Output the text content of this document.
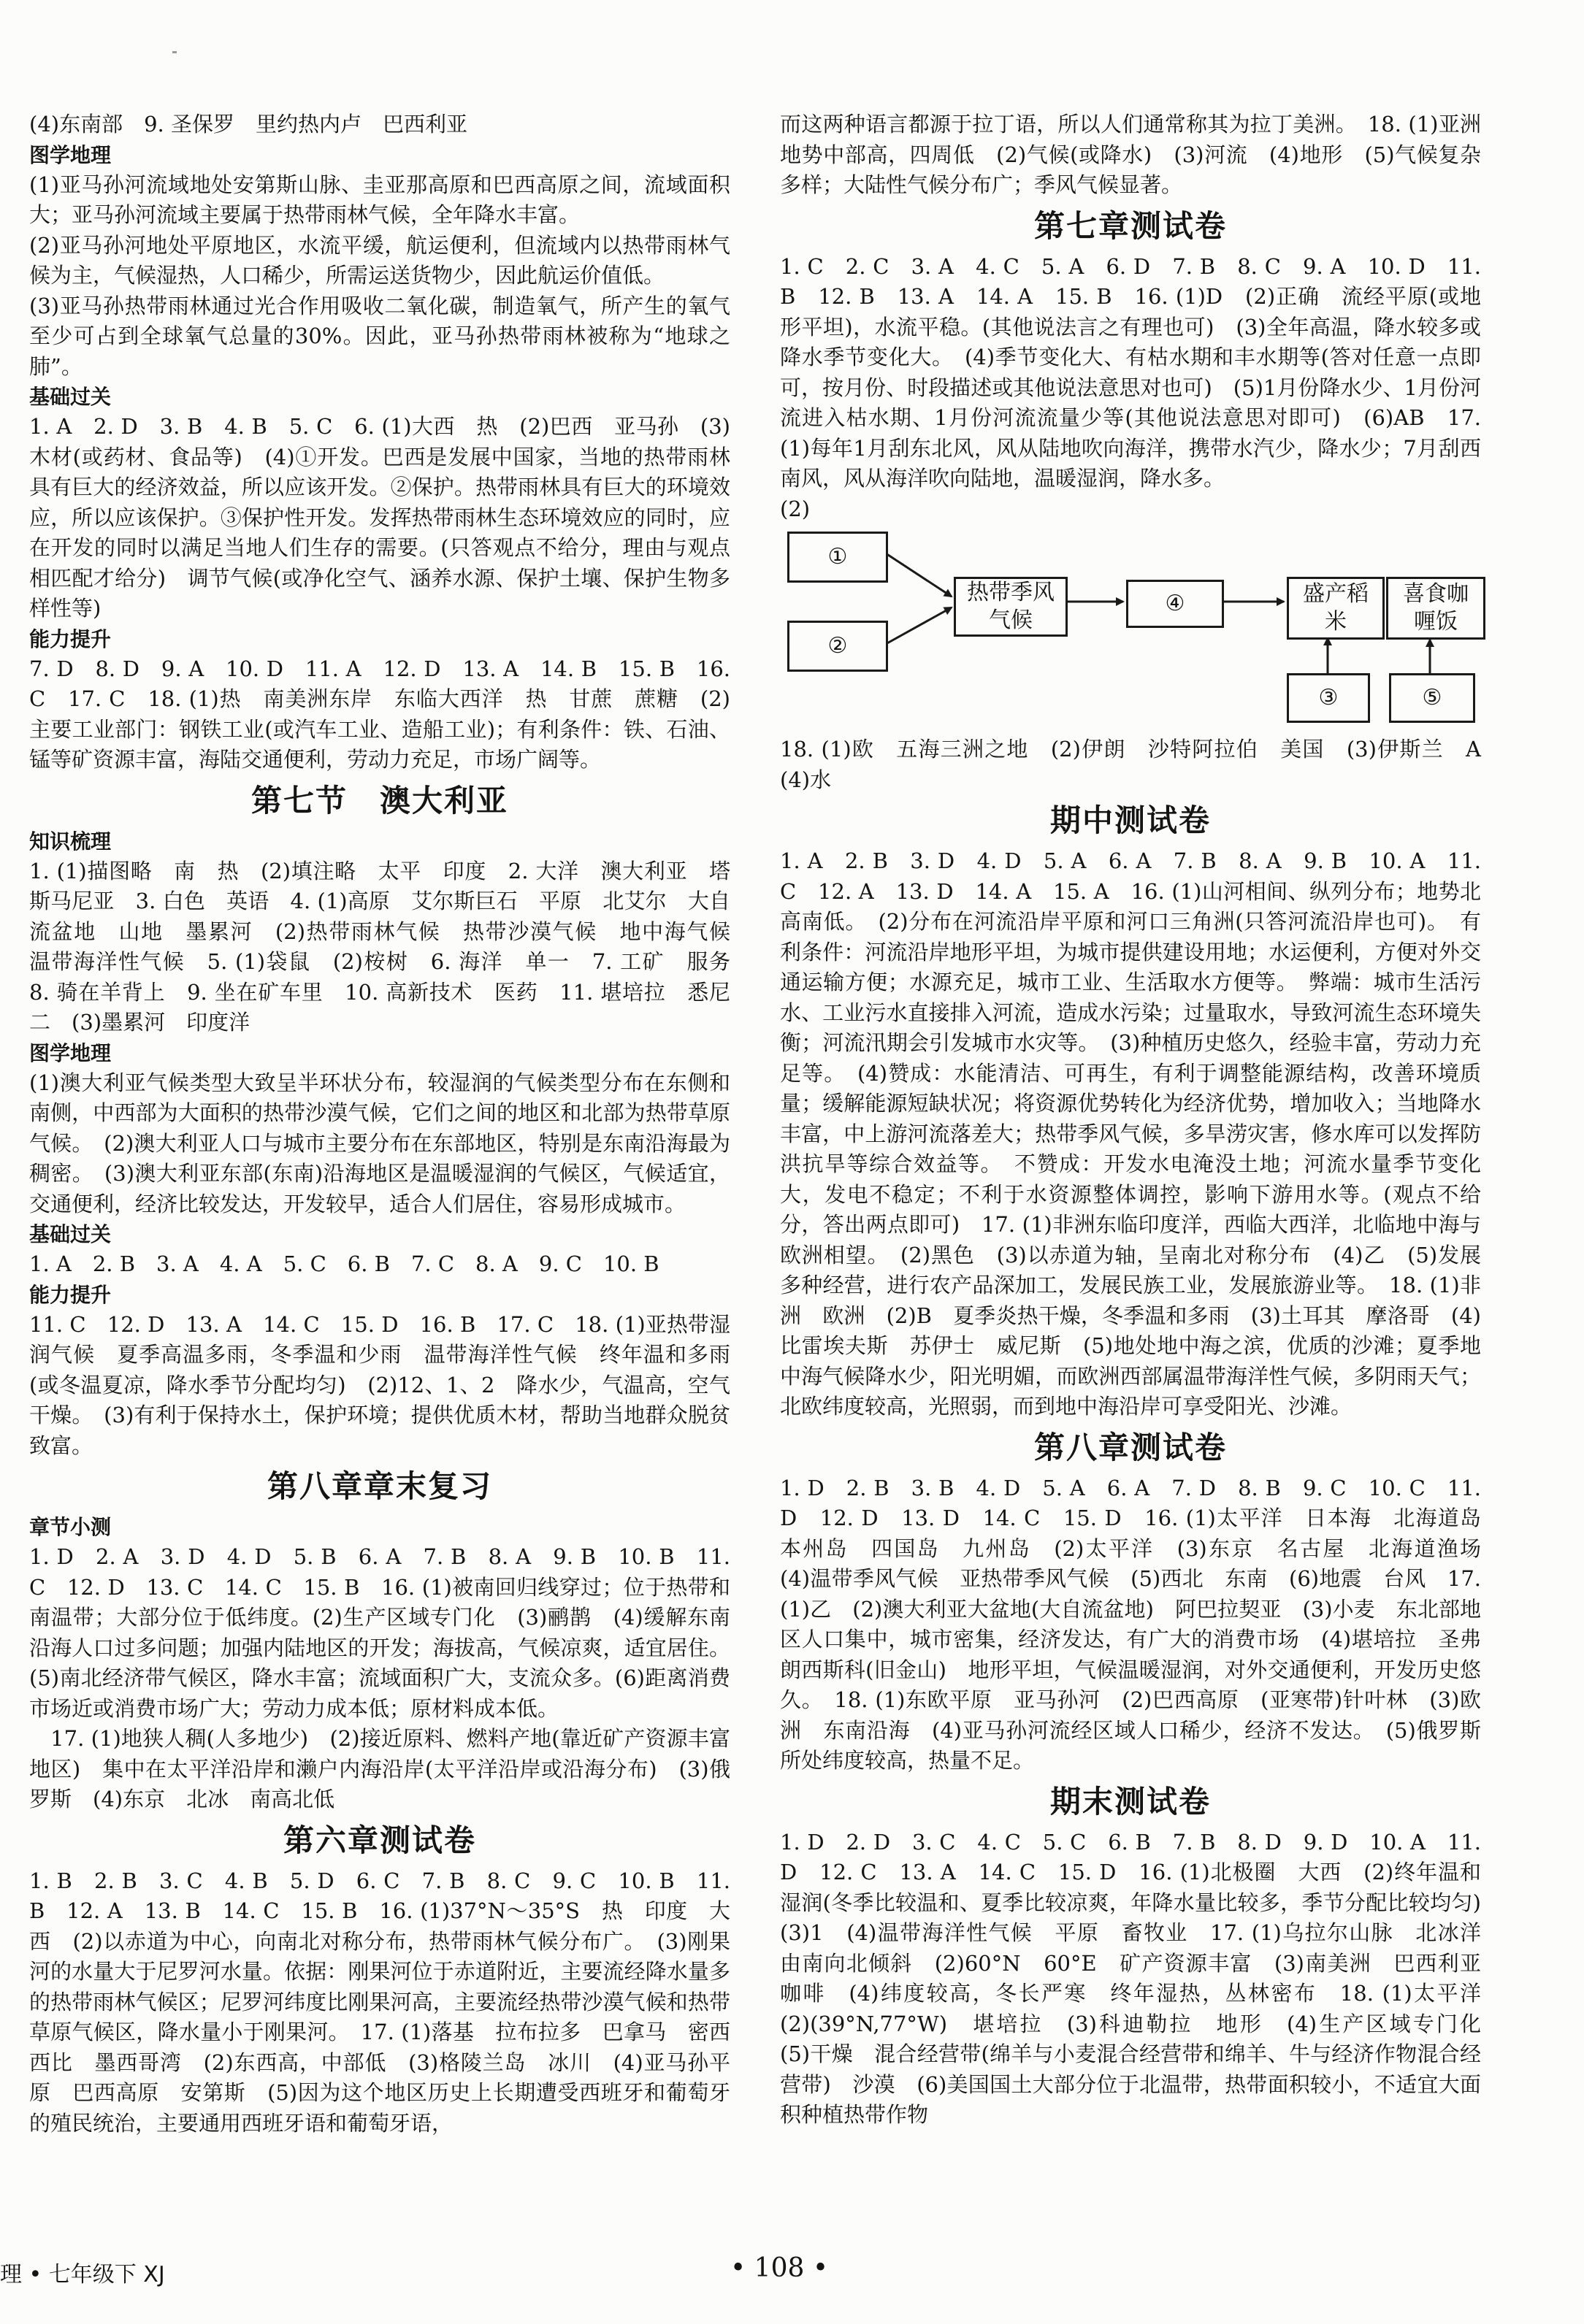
(4)东南部　9. 圣保罗　里约热内卢　巴西利亚
图学地理
(1)亚马孙河流域地处安第斯山脉、圭亚那高原和巴西高原之间，流域面积大；亚马孙河流域主要属于热带雨林气候，全年降水丰富。
(2)亚马孙河地处平原地区，水流平缓，航运便利，但流域内以热带雨林气候为主，气候湿热，人口稀少，所需运送货物少，因此航运价值低。
(3)亚马孙热带雨林通过光合作用吸收二氧化碳，制造氧气，所产生的氧气至少可占到全球氧气总量的30%。因此，亚马孙热带雨林被称为“地球之肺”。
基础过关
1. A　2. D　3. B　4. B　5. C　6. (1)大西　热　(2)巴西　亚马孙　(3)木材(或药材、食品等)　(4)①开发。巴西是发展中国家，当地的热带雨林具有巨大的经济效益，所以应该开发。②保护。热带雨林具有巨大的环境效应，所以应该保护。③保护性开发。发挥热带雨林生态环境效应的同时，应在开发的同时以满足当地人们生存的需要。(只答观点不给分，理由与观点相匹配才给分)　调节气候(或净化空气、涵养水源、保护土壤、保护生物多样性等)
能力提升
7. D　8. D　9. A　10. D　11. A　12. D　13. A　14. B　15. B　16. C　17. C　18. (1)热　南美洲东岸　东临大西洋　热　甘蔗　蔗糖　(2)主要工业部门：钢铁工业(或汽车工业、造船工业)；有利条件：铁、石油、锰等矿资源丰富，海陆交通便利，劳动力充足，市场广阔等。
第七节　澳大利亚
知识梳理
1. (1)描图略　南　热　(2)填注略　太平　印度　2. 大洋　澳大利亚　塔斯马尼亚　3. 白色　英语　4. (1)高原　艾尔斯巨石　平原　北艾尔　大自流盆地　山地　墨累河　(2)热带雨林气候　热带沙漠气候　地中海气候　温带海洋性气候　5. (1)袋鼠　(2)桉树　6. 海洋　单一　7. 工矿　服务　8. 骑在羊背上　9. 坐在矿车里　10. 高新技术　医药　11. 堪培拉　悉尼　二　(3)墨累河　印度洋
图学地理
(1)澳大利亚气候类型大致呈半环状分布，较湿润的气候类型分布在东侧和南侧，中西部为大面积的热带沙漠气候，它们之间的地区和北部为热带草原气候。　(2)澳大利亚人口与城市主要分布在东部地区，特别是东南沿海最为稠密。　(3)澳大利亚东部(东南)沿海地区是温暖湿润的气候区，气候适宜，交通便利，经济比较发达，开发较早，适合人们居住，容易形成城市。
基础过关
1. A　2. B　3. A　4. A　5. C　6. B　7. C　8. A　9. C　10. B
能力提升
11. C　12. D　13. A　14. C　15. D　16. B　17. C　18. (1)亚热带湿润气候　夏季高温多雨，冬季温和少雨　温带海洋性气候　终年温和多雨(或冬温夏凉，降水季节分配均匀)　(2)12、1、2　降水少，气温高，空气干燥。　(3)有利于保持水土，保护环境；提供优质木材，帮助当地群众脱贫致富。
第八章章末复习
章节小测
1. D　2. A　3. D　4. D　5. B　6. A　7. B　8. A　9. B　10. B　11. C　12. D　13. C　14. C　15. B　16. (1)被南回归线穿过；位于热带和南温带；大部分位于低纬度。(2)生产区域专门化　(3)鹂鹊　(4)缓解东南沿海人口过多问题；加强内陆地区的开发；海拔高，气候凉爽，适宜居住。(5)南北经济带气候区，降水丰富；流域面积广大，支流众多。(6)距离消费市场近或消费市场广大；劳动力成本低；原材料成本低。
　17. (1)地狭人稠(人多地少)　(2)接近原料、燃料产地(靠近矿产资源丰富地区)　集中在太平洋沿岸和濑户内海沿岸(太平洋沿岸或沿海分布)　(3)俄罗斯　(4)东京　北冰　南高北低
第六章测试卷
1. B　2. B　3. C　4. B　5. D　6. C　7. B　8. C　9. C　10. B　11. B　12. A　13. B　14. C　15. B　16. (1)37°N～35°S　热　印度　大西　(2)以赤道为中心，向南北对称分布，热带雨林气候分布广。　(3)刚果河的水量大于尼罗河水量。依据：刚果河位于赤道附近，主要流经降水量多的热带雨林气候区；尼罗河纬度比刚果河高，主要流经热带沙漠气候和热带草原气候区，降水量小于刚果河。　17. (1)落基　拉布拉多　巴拿马　密西西比　墨西哥湾　(2)东西高，中部低　(3)格陵兰岛　冰川　(4)亚马孙平原　巴西高原　安第斯　(5)因为这个地区历史上长期遭受西班牙和葡萄牙的殖民统治，主要通用西班牙语和葡萄牙语，
而这两种语言都源于拉丁语，所以人们通常称其为拉丁美洲。　18. (1)亚洲地势中部高，四周低　(2)气候(或降水)　(3)河流　(4)地形　(5)气候复杂多样；大陆性气候分布广；季风气候显著。
第七章测试卷
1. C　2. C　3. A　4. C　5. A　6. D　7. B　8. C　9. A　10. D　11. B　12. B　13. A　14. A　15. B　16. (1)D　(2)正确　流经平原(或地形平坦)，水流平稳。(其他说法言之有理也可)　(3)全年高温，降水较多或降水季节变化大。　(4)季节变化大、有枯水期和丰水期等(答对任意一点即可，按月份、时段描述或其他说法意思对也可)　(5)1月份降水少、1月份河流进入枯水期、1月份河流流量少等(其他说法意思对即可)　(6)AB　17. (1)每年1月刮东北风，风从陆地吹向海洋，携带水汽少，降水少；7月刮西南风，风从海洋吹向陆地，温暖湿润，降水多。
(2)
①
②
热带季风气候
④	盛产稻米
③
喜食咖喱饭
⑤
18. (1)欧　五海三洲之地　(2)伊朗　沙特阿拉伯　美国　(3)伊斯兰　A　(4)水
期中测试卷
1. A　2. B　3. D　4. D　5. A　6. A　7. B　8. A　9. B　10. A　11. C　12. A　13. D　14. A　15. A　16. (1)山河相间、纵列分布；地势北高南低。　(2)分布在河流沿岸平原和河口三角洲(只答河流沿岸也可)。　有利条件：河流沿岸地形平坦，为城市提供建设用地；水运便利，方便对外交通运输方便；水源充足，城市工业、生活取水方便等。　弊端：城市生活污水、工业污水直接排入河流，造成水污染；过量取水，导致河流生态环境失衡；河流汛期会引发城市水灾等。　(3)种植历史悠久，经验丰富，劳动力充足等。　(4)赞成：水能清洁、可再生，有利于调整能源结构，改善环境质量；缓解能源短缺状况；将资源优势转化为经济优势，增加收入；当地降水丰富，中上游河流落差大；热带季风气候，多旱涝灾害，修水库可以发挥防洪抗旱等综合效益等。　不赞成：开发水电淹没土地；河流水量季节变化大，发电不稳定；不利于水资源整体调控，影响下游用水等。(观点不给分，答出两点即可)　17. (1)非洲东临印度洋，西临大西洋，北临地中海与欧洲相望。　(2)黑色　(3)以赤道为轴，呈南北对称分布　(4)乙　(5)发展多种经营，进行农产品深加工，发展民族工业，发展旅游业等。　18. (1)非洲　欧洲　(2)B　夏季炎热干燥，冬季温和多雨　(3)土耳其　摩洛哥　(4)比雷埃夫斯　苏伊士　威尼斯　(5)地处地中海之滨，优质的沙滩；夏季地中海气候降水少，阳光明媚，而欧洲西部属温带海洋性气候，多阴雨天气；北欧纬度较高，光照弱，而到地中海沿岸可享受阳光、沙滩。
第八章测试卷
1. D　2. B　3. B　4. D　5. A　6. A　7. D　8. B　9. C　10. C　11. D　12. D　13. D　14. C　15. D　16. (1)太平洋　日本海　北海道岛　本州岛　四国岛　九州岛　(2)太平洋　(3)东京　名古屋　北海道渔场　(4)温带季风气候　亚热带季风气候　(5)西北　东南　(6)地震　台风　17. (1)乙　(2)澳大利亚大盆地(大自流盆地)　阿巴拉契亚　(3)小麦　东北部地区人口集中，城市密集，经济发达，有广大的消费市场　(4)堪培拉　圣弗朗西斯科(旧金山)　地形平坦，气候温暖湿润，对外交通便利，开发历史悠久。　18. (1)东欧平原　亚马孙河　(2)巴西高原　(亚寒带)针叶林　(3)欧洲　东南沿海　(4)亚马孙河流经区域人口稀少，经济不发达。　(5)俄罗斯所处纬度较高，热量不足。
期末测试卷
1. D　2. D　3. C　4. C　5. C　6. B　7. B　8. D　9. D　10. A　11. D　12. C　13. A　14. C　15. D　16. (1)北极圈　大西　(2)终年温和湿润(冬季比较温和、夏季比较凉爽，年降水量比较多，季节分配比较均匀)　(3)1　(4)温带海洋性气候　平原　畜牧业　17. (1)乌拉尔山脉　北冰洋　由南向北倾斜　(2)60°N　60°E　矿产资源丰富　(3)南美洲　巴西利亚　咖啡　(4)纬度较高，冬长严寒　终年湿热，丛林密布　18. (1)太平洋　(2)(39°N,77°W)　堪培拉　(3)科迪勒拉　地形　(4)生产区域专门化　(5)干燥　混合经营带(绵羊与小麦混合经营带和绵羊、牛与经济作物混合经营带)　沙漠　(6)美国国土大部分位于北温带，热带面积较小，不适宜大面积种植热带作物
理 • 七年级下 XJ	• 108 •
